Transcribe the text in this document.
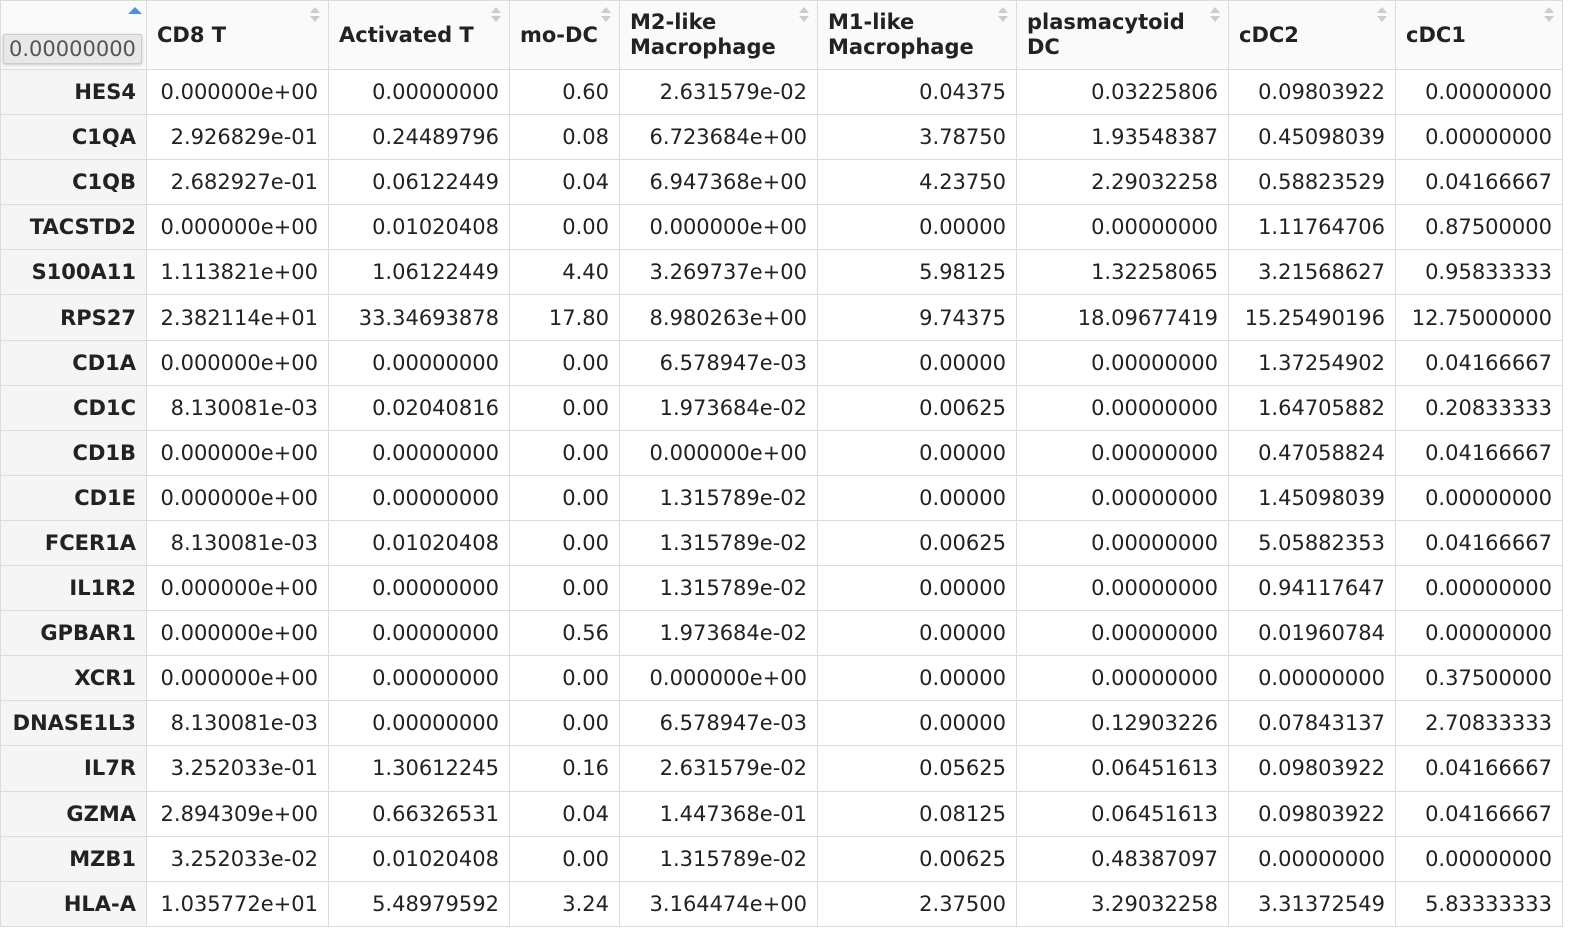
	CD8 T	Activated T	mo-DC	M2-like Macrophage	M1-like Macrophage	plasmacytoid DC	cDC2	cDC1

HES4	0.000000e+00	0.00000000	0.60	2.631579e-02	0.04375	0.03225806	0.09803922	0.00000000
C1QA	2.926829e-01	0.24489796	0.08	6.723684e+00	3.78750	1.93548387	0.45098039	0.00000000
C1QB	2.682927e-01	0.06122449	0.04	6.947368e+00	4.23750	2.29032258	0.58823529	0.04166667
TACSTD2	0.000000e+00	0.01020408	0.00	0.000000e+00	0.00000	0.00000000	1.11764706	0.87500000
S100A11	1.113821e+00	1.06122449	4.40	3.269737e+00	5.98125	1.32258065	3.21568627	0.95833333
RPS27	2.382114e+01	33.34693878	17.80	8.980263e+00	9.74375	18.09677419	15.25490196	12.75000000
CD1A	0.000000e+00	0.00000000	0.00	6.578947e-03	0.00000	0.00000000	1.37254902	0.04166667
CD1C	8.130081e-03	0.02040816	0.00	1.973684e-02	0.00625	0.00000000	1.64705882	0.20833333
CD1B	0.000000e+00	0.00000000	0.00	0.000000e+00	0.00000	0.00000000	0.47058824	0.04166667
CD1E	0.000000e+00	0.00000000	0.00	1.315789e-02	0.00000	0.00000000	1.45098039	0.00000000
FCER1A	8.130081e-03	0.01020408	0.00	1.315789e-02	0.00625	0.00000000	5.05882353	0.04166667
IL1R2	0.000000e+00	0.00000000	0.00	1.315789e-02	0.00000	0.00000000	0.94117647	0.00000000
GPBAR1	0.000000e+00	0.00000000	0.56	1.973684e-02	0.00000	0.00000000	0.01960784	0.00000000
XCR1	0.000000e+00	0.00000000	0.00	0.000000e+00	0.00000	0.00000000	0.00000000	0.37500000
DNASE1L3	8.130081e-03	0.00000000	0.00	6.578947e-03	0.00000	0.12903226	0.07843137	2.70833333
IL7R	3.252033e-01	1.30612245	0.16	2.631579e-02	0.05625	0.06451613	0.09803922	0.04166667
GZMA	2.894309e+00	0.66326531	0.04	1.447368e-01	0.08125	0.06451613	0.09803922	0.04166667
MZB1	3.252033e-02	0.01020408	0.00	1.315789e-02	0.00625	0.48387097	0.00000000	0.00000000
HLA-A	1.035772e+01	5.48979592	3.24	3.164474e+00	2.37500	3.29032258	3.31372549	5.83333333
0.00000000
